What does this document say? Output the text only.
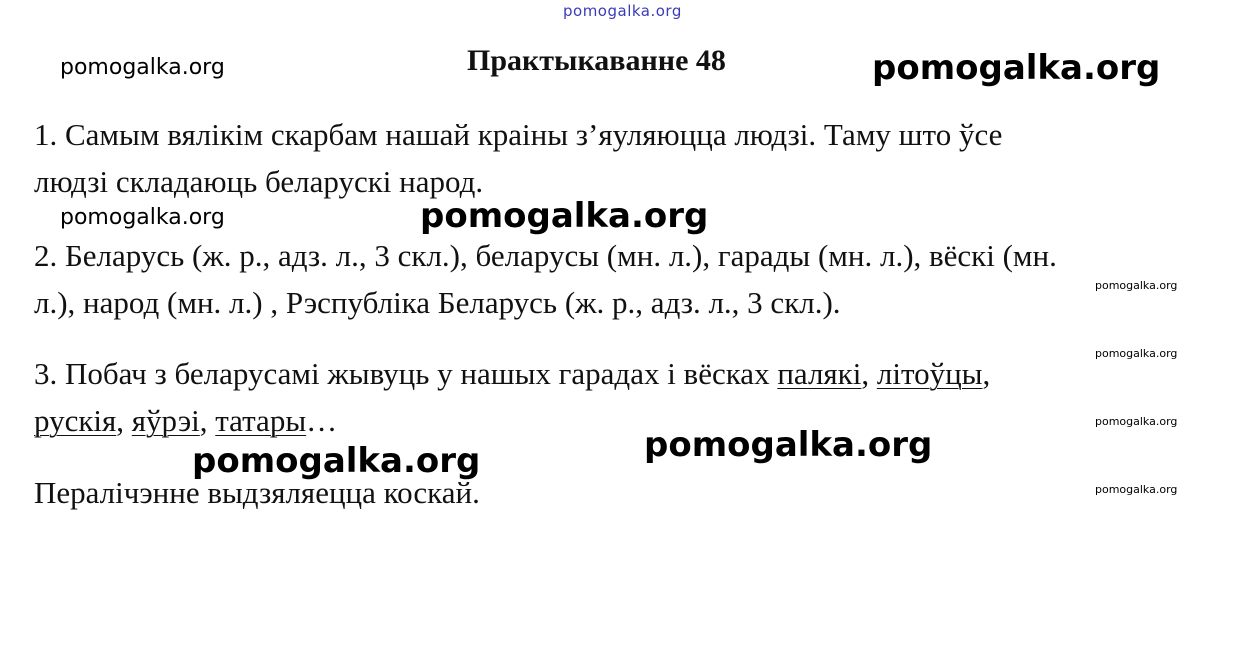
pomogalka.org
pomogalka.org	pomogalka.org
pomogalka.org	pomogalka.org
pomogalka.org
pomogalka.org
pomogalka.org
pomogalka.org
pomogalka.org
pomogalka.org
Практыкаванне 48
1. Самым вялікім скарбам нашай краіны з’яуляюцца людзі. Таму што ўсе
людзі складаюць беларускі народ.
2. Беларусь (ж. р., адз. л., 3 скл.), беларусы (мн. л.), гарады (мн. л.), вёскі (мн.
л.), народ (мн. л.) , Рэспубліка Беларусь (ж. р., адз. л., 3 скл.).
3. Побач з беларусамі жывуць у нашых гарадах і вёсках палякі, літоўцы,
рускія, яўрэі, татары…
Пералічэнне выдзяляецца коскай.
